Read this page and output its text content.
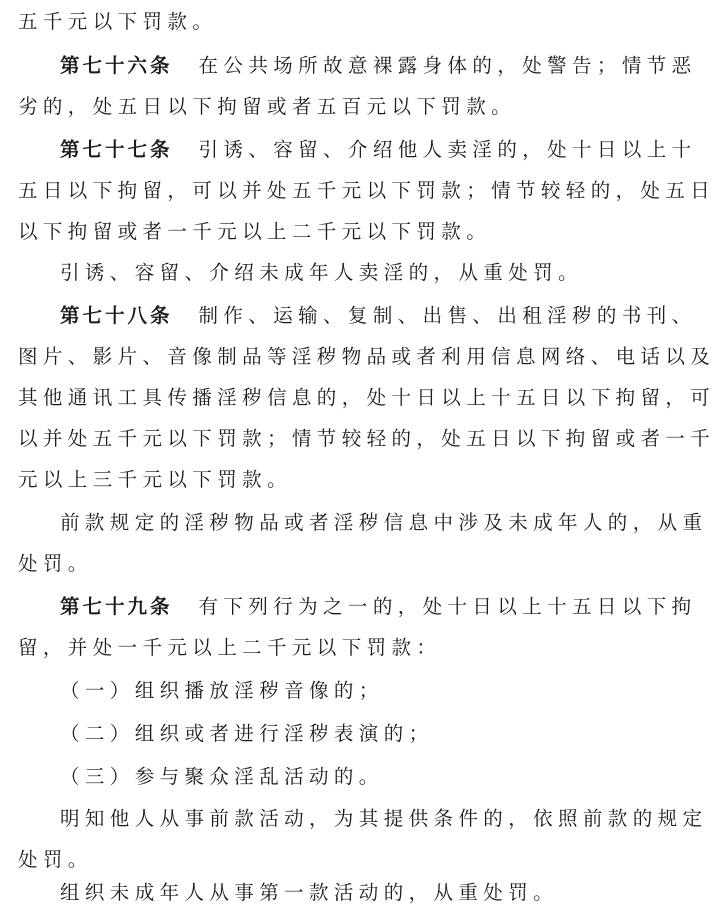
五千元以下罚款。
第七十六条 在公共场所故意裸露身体的，处警告；情节恶
劣的，处五日以下拘留或者五百元以下罚款。
第七十七条 引诱、容留、介绍他人卖淫的，处十日以上十
五日以下拘留，可以并处五千元以下罚款；情节较轻的，处五日
以下拘留或者一千元以上二千元以下罚款。
引诱、容留、介绍未成年人卖淫的，从重处罚。
第七十八条 制作、运输、复制、出售、出租淫秽的书刊、
图片、影片、音像制品等淫秽物品或者利用信息网络、电话以及
其他通讯工具传播淫秽信息的，处十日以上十五日以下拘留，可
以并处五千元以下罚款；情节较轻的，处五日以下拘留或者一千
元以上三千元以下罚款。
前款规定的淫秽物品或者淫秽信息中涉及未成年人的，从重
处罚。
第七十九条 有下列行为之一的，处十日以上十五日以下拘
留，并处一千元以上二千元以下罚款：
（一）组织播放淫秽音像的；
（二）组织或者进行淫秽表演的；
（三）参与聚众淫乱活动的。
明知他人从事前款活动，为其提供条件的，依照前款的规定
处罚。
组织未成年人从事第一款活动的，从重处罚。
